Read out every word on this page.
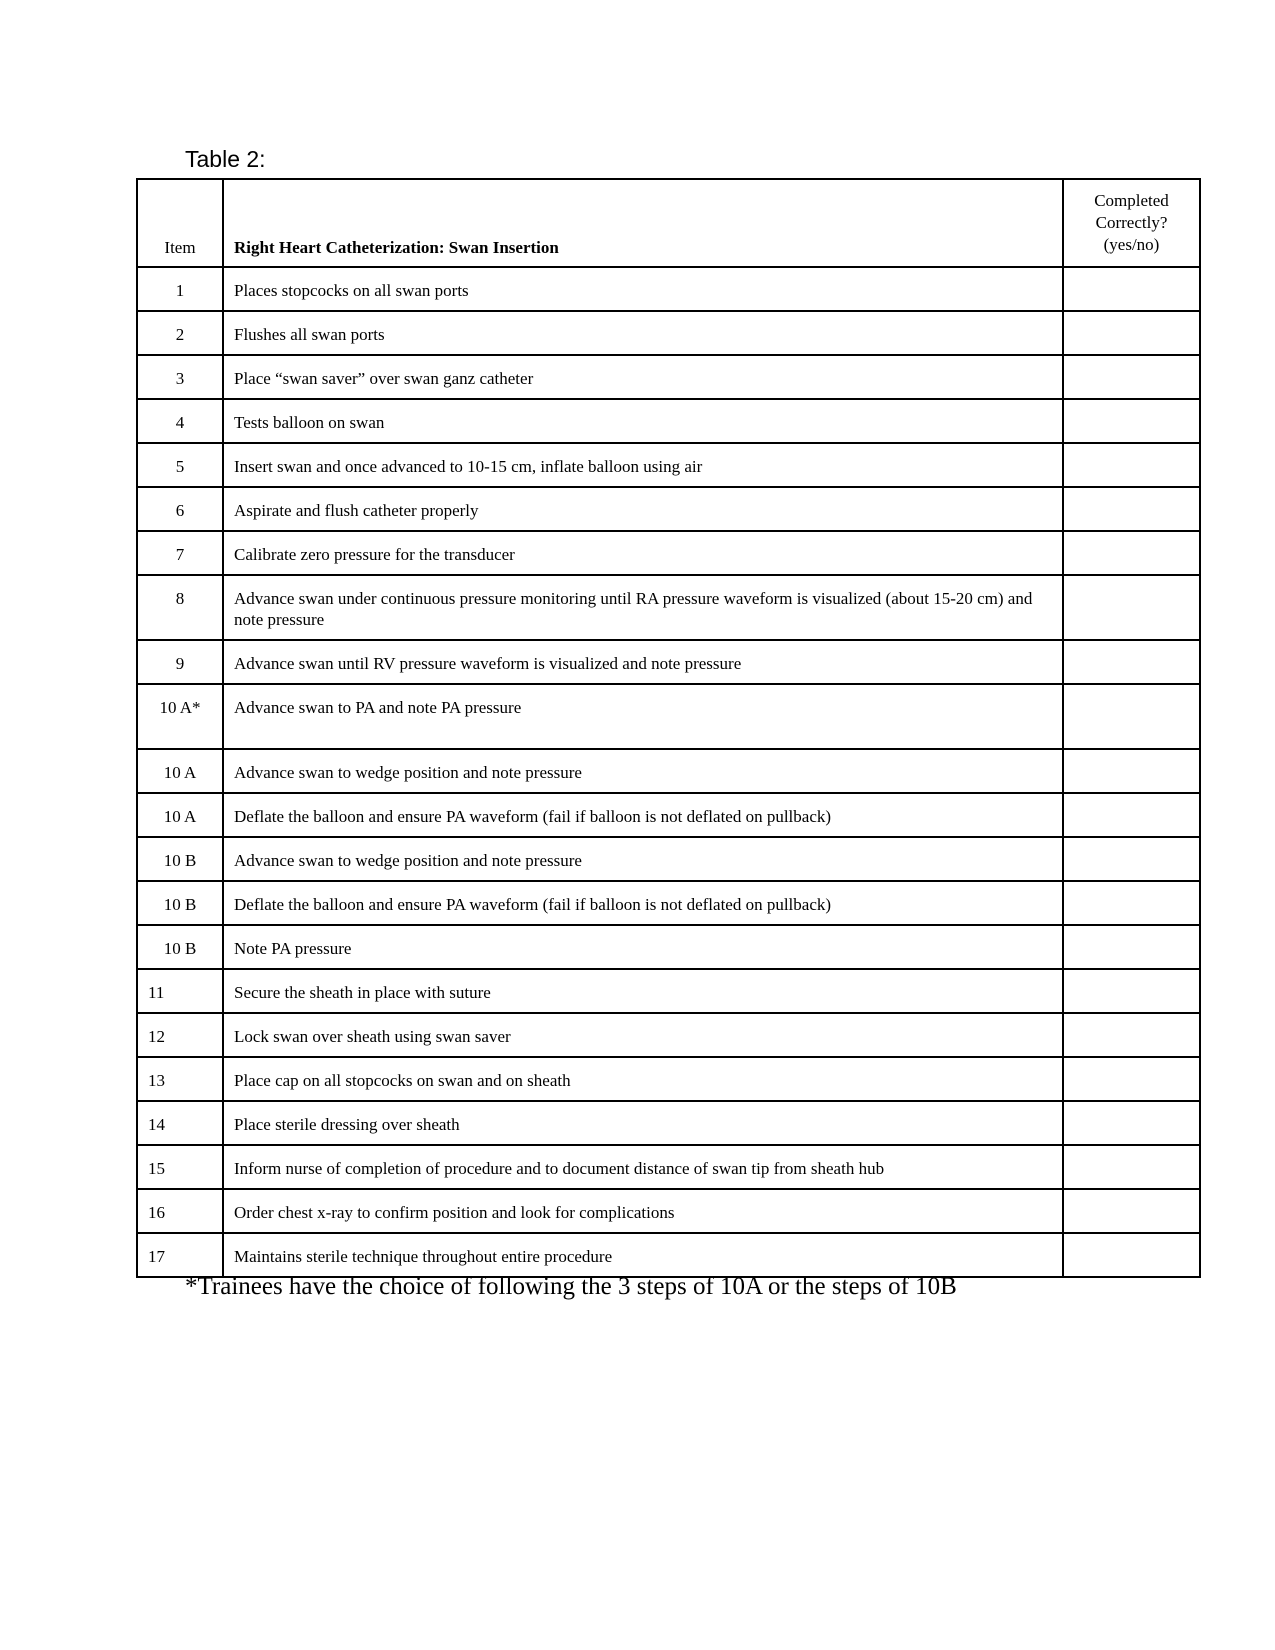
Table 2:
Item	Right Heart Catheterization: Swan Insertion	Completed Correctly? (yes/no)

1	Places stopcocks on all swan ports	
2	Flushes all swan ports	
3	Place “swan saver” over swan ganz catheter	
4	Tests balloon on swan	
5	Insert swan and once advanced to 10-15 cm, inflate balloon using air	
6	Aspirate and flush catheter properly	
7	Calibrate zero pressure for the transducer	
8	Advance swan under continuous pressure monitoring until RA pressure waveform is visualized (about 15-20 cm) and note pressure	
9	Advance swan until RV pressure waveform is visualized and note pressure	
10 A*	Advance swan to PA and note PA pressure	
10 A	Advance swan to wedge position and note pressure	
10 A	Deflate the balloon and ensure PA waveform (fail if balloon is not deflated on pullback)	
10 B	Advance swan to wedge position and note pressure	
10 B	Deflate the balloon and ensure PA waveform (fail if balloon is not deflated on pullback)	
10 B	Note PA pressure	
11	Secure the sheath in place with suture	
12	Lock swan over sheath using swan saver	
13	Place cap on all stopcocks on swan and on sheath	
14	Place sterile dressing over sheath	
15	Inform nurse of completion of procedure and to document distance of swan tip from sheath hub	
16	Order chest x-ray to confirm position and look for complications	
17	Maintains sterile technique throughout entire procedure	
*Trainees have the choice of following the 3 steps of 10A or the steps of 10B
